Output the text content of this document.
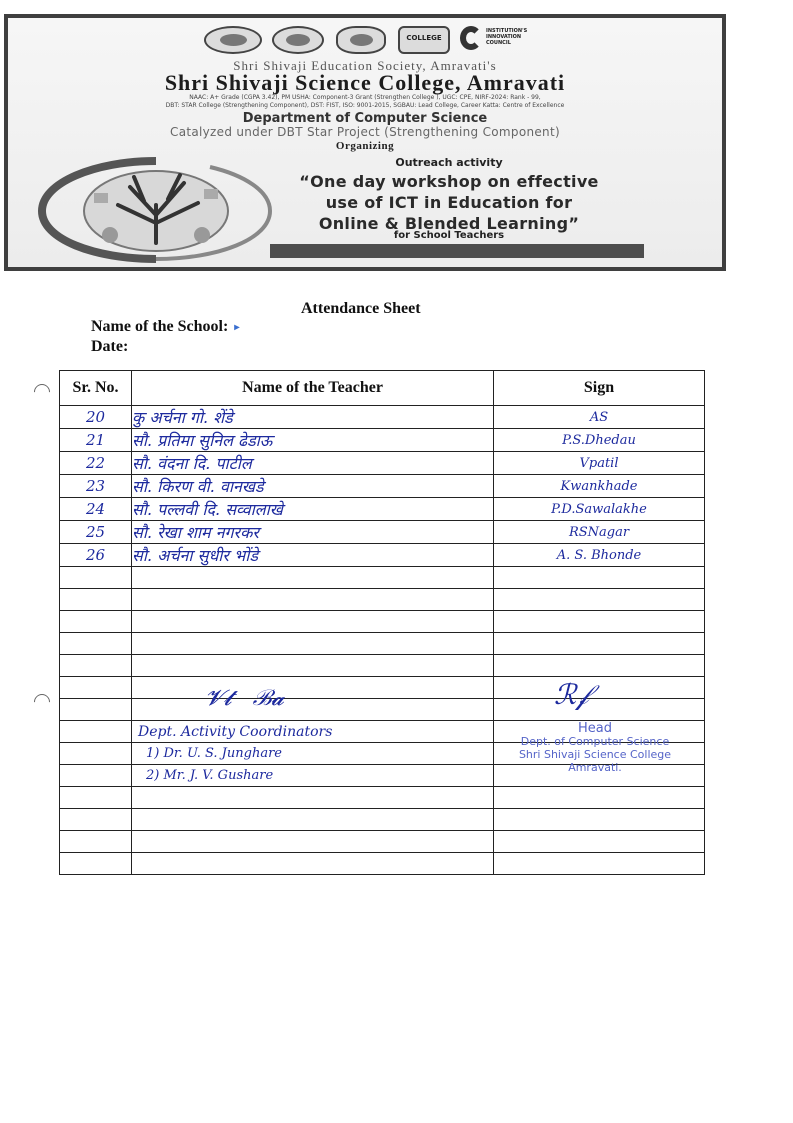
COLLEGE
INSTITUTION'S
INNOVATION
COUNCIL
Shri Shivaji Education Society, Amravati's
Shri Shivaji Science College, Amravati
NAAC: A+ Grade (CGPA 3.42), PM USHA: Component-3 Grant (Strengthen College ), UGC: CPE, NIRF-2024: Rank - 99,
DBT: STAR College (Strengthening Component), DST: FIST, ISO: 9001-2015, SGBAU: Lead College, Career Katta: Centre of Excellence
Department of Computer Science
Catalyzed under DBT Star Project (Strengthening Component)
Organizing
Outreach activity
“One day workshop on effective
use of ICT in Education for
Online & Blended Learning”
for School Teachers
Attendance Sheet
Name of the School: ▸
Date:
Sr. No.	Name of the Teacher	Sign
20	कु अर्चना गो. शेंडे	AS
21	सौ. प्रतिमा सुनिल ढेडाऊ	P.S.Dhedau
22	सौ. वंदना दि. पाटील	Vpatil
23	सौ. किरण वी. वानखडे	Kwankhade
24	सौ. पल्लवी दि. सव्वालाखे	P.D.Sawalakhe
25	सौ. रेखा शाम नगरकर	RSNagar
26	सौ. अर्चना सुधीर भोंडे	A. S. Bhonde

𝓥𝓽   ℬ𝓪	ℛ𝒻
Dept. Activity Coordinators
1) Dr. U. S. Junghare
2) Mr. J. V. Gushare
Head
Dept. of Computer Science
Shri Shivaji Science College
Amravati.
